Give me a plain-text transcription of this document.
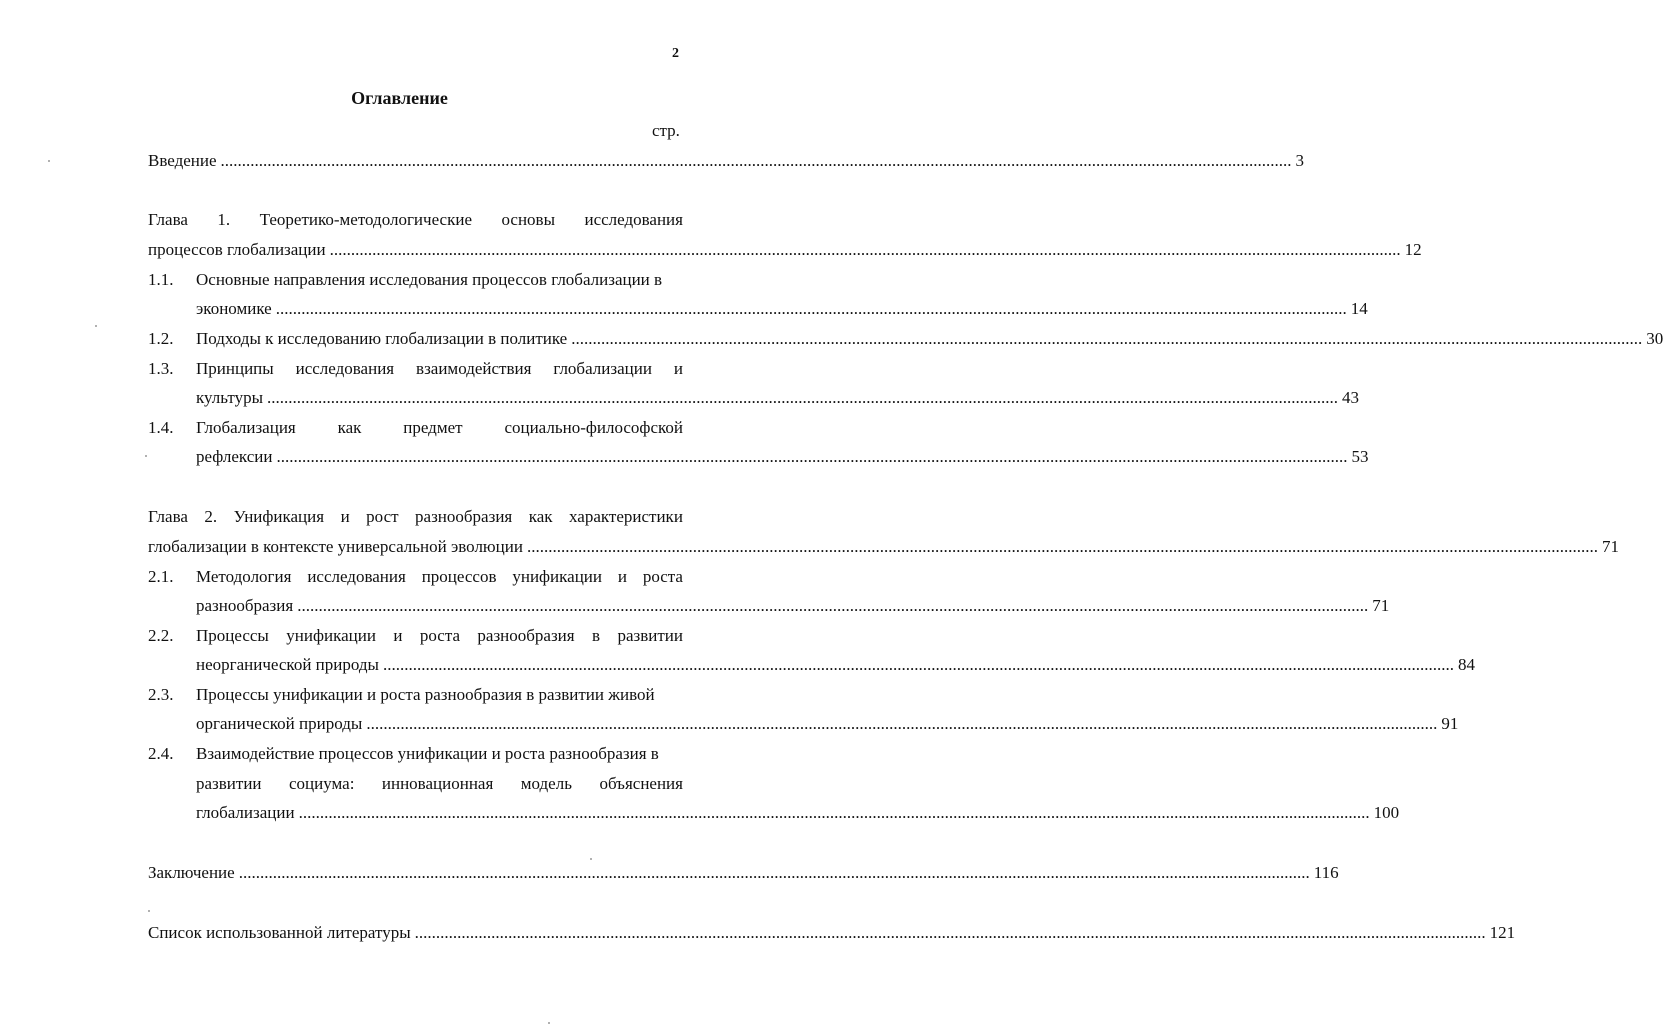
2
Оглавление
стр.
Введение ............................................................................................................................................................................................................................................................ 3
Глава 1. Теоретико-методологические основы исследования
процессов глобализации ............................................................................................................................................................................................................................................................ 12
1.1. Основные направления исследования процессов глобализации в
экономике ............................................................................................................................................................................................................................................................ 14
1.2. Подходы к исследованию глобализации в политике ............................................................................................................................................................................................................................................................ 30
1.3. Принципы исследования взаимодействия глобализации и
культуры ............................................................................................................................................................................................................................................................ 43
1.4. Глобализация как предмет социально-философской
рефлексии ............................................................................................................................................................................................................................................................ 53
Глава 2. Унификация и рост разнообразия как характеристики
глобализации в контексте универсальной эволюции ............................................................................................................................................................................................................................................................ 71
2.1. Методология исследования процессов унификации и роста
разнообразия ............................................................................................................................................................................................................................................................ 71
2.2. Процессы унификации и роста разнообразия в развитии
неорганической природы ............................................................................................................................................................................................................................................................ 84
2.3. Процессы унификации и роста разнообразия в развитии живой
органической природы ............................................................................................................................................................................................................................................................ 91
2.4. Взаимодействие процессов унификации и роста разнообразия в
развитии социума: инновационная модель объяснения
глобализации ............................................................................................................................................................................................................................................................ 100
Заключение ............................................................................................................................................................................................................................................................ 116
Список использованной литературы ............................................................................................................................................................................................................................................................ 121
